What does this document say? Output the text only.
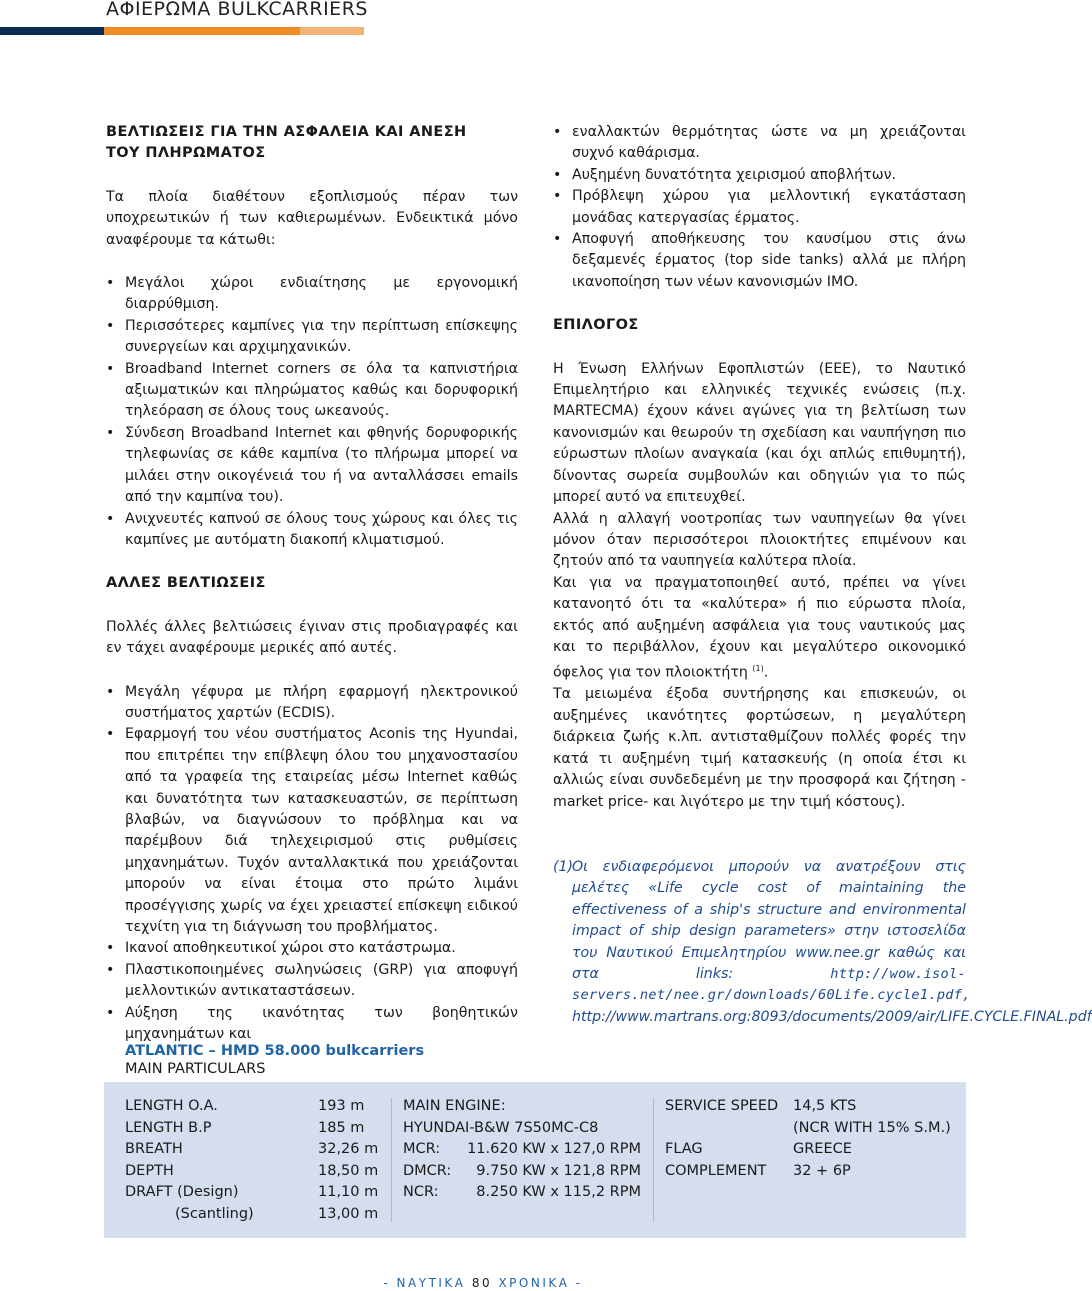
ΑΦΙΕΡΩΜΑ BULKCARRIERS

ΒΕΛΤΙΩΣΕΙΣ ΓΙΑ ΤΗΝ ΑΣΦΑΛΕΙΑ ΚΑΙ ΑΝΕΣΗ

ΤΟΥ ΠΛΗΡΩΜΑΤΟΣ

Τα πλοία διαθέτουν εξοπλισμούς πέραν των υποχρεωτικών ή των καθιερωμένων. Ενδεικτικά μόνο αναφέρουμε τα κάτωθι:

• Μεγάλοι χώροι ενδιαίτησης με εργονομική διαρρύθμιση.
• Περισσότερες καμπίνες για την περίπτωση επίσκεψης συνεργείων και αρχιμηχανικών.
• Broadband Internet corners σε όλα τα καπνιστήρια αξιωματικών και πληρώματος καθώς και δορυφορική τηλεόραση σε όλους τους ωκεανούς.
• Σύνδεση Broadband Internet και φθηνής δορυφορικής τηλεφωνίας σε κάθε καμπίνα (το πλήρωμα μπορεί να μιλάει στην οικογένειά του ή να ανταλλάσσει emails από την καμπίνα του).
• Ανιχνευτές καπνού σε όλους τους χώρους και όλες τις καμπίνες με αυτόματη διακοπή κλιματισμού.

ΑΛΛΕΣ ΒΕΛΤΙΩΣΕΙΣ

Πολλές άλλες βελτιώσεις έγιναν στις προδιαγραφές και εν τάχει αναφέρουμε μερικές από αυτές.

• Μεγάλη γέφυρα με πλήρη εφαρμογή ηλεκτρονικού συστήματος χαρτών (ECDIS).
• Εφαρμογή του νέου συστήματος Aconis της Hyundai, που επιτρέπει την επίβλεψη όλου του μηχανοστασίου από τα γραφεία της εταιρείας μέσω Internet καθώς και δυνατότητα των κατασκευαστών, σε περίπτωση βλαβών, να διαγνώσουν το πρόβλημα και να παρέμβουν διά τηλεχειρισμού στις ρυθμίσεις μηχανημάτων. Τυχόν ανταλλακτικά που χρειάζονται μπορούν να είναι έτοιμα στο πρώτο λιμάνι προσέγγισης χωρίς να έχει χρειαστεί επίσκεψη ειδικού τεχνίτη για τη διάγνωση του προβλήματος.
• Ικανοί αποθηκευτικοί χώροι στο κατάστρωμα.
• Πλαστικοποιημένες σωληνώσεις (GRP) για αποφυγή μελλοντικών αντικαταστάσεων.
• Αύξηση της ικανότητας των βοηθητικών μηχανημάτων και
• εναλλακτών θερμότητας ώστε να μη χρειάζονται συχνό καθάρισμα.
• Αυξημένη δυνατότητα χειρισμού αποβλήτων.
• Πρόβλεψη χώρου για μελλοντική εγκατάσταση μονάδας κατεργασίας έρματος.
• Αποφυγή αποθήκευσης του καυσίμου στις άνω δεξαμενές έρματος (top side tanks) αλλά με πλήρη ικανοποίηση των νέων κανονισμών IMO.

ΕΠΙΛΟΓΟΣ

Η Ένωση Ελλήνων Εφοπλιστών (ΕΕΕ), το Ναυτικό Επιμελητήριο και ελληνικές τεχνικές ενώσεις (π.χ. MARTECMA) έχουν κάνει αγώνες για τη βελτίωση των κανονισμών και θεωρούν τη σχεδίαση και ναυπήγηση πιο εύρωστων πλοίων αναγκαία (και όχι απλώς επιθυμητή), δίνοντας σωρεία συμβουλών και οδηγιών για το πώς μπορεί αυτό να επιτευχθεί.

Αλλά η αλλαγή νοοτροπίας των ναυπηγείων θα γίνει μόνον όταν περισσότεροι πλοιοκτήτες επιμένουν και ζητούν από τα ναυπηγεία καλύτερα πλοία.

Και για να πραγματοποιηθεί αυτό, πρέπει να γίνει κατανοητό ότι τα «καλύτερα» ή πιο εύρωστα πλοία, εκτός από αυξημένη ασφάλεια για τους ναυτικούς μας και το περιβάλλον, έχουν και μεγαλύτερο οικονομικό όφελος για τον πλοιοκτήτη $^{(1)}$.

Τα μειωμένα έξοδα συντήρησης και επισκευών, οι αυξημένες ικανότητες φορτώσεων, η μεγαλύτερη διάρκεια ζωής κ.λπ. αντισταθμίζουν πολλές φορές την κατά τι αυξημένη τιμή κατασκευής (η οποία έτσι κι αλλιώς είναι συνδεδεμένη με την προσφορά και ζήτηση -market price- και λιγότερο με την τιμή κόστους).

(1)
Οι ενδιαφερόμενοι μπορούν να ανατρέξουν στις μελέτες «Life cycle cost of maintaining the effectiveness of a ship's structure and environmental impact of ship design parameters» στην ιστοσελίδα του Ναυτικού Επιμελητηρίου www.nee.gr καθώς και στα links:	http://wow.isol-servers.net/nee.gr/downloads/60Life.cycle1.pdf, http://www.martrans.org:8093/documents/2009/air/LIFE.CYCLE.FINAL.pdf
ATLANTIC – HMD 58.000 bulkcarriers
MAIN PARTICULARS
LENGTH O.A.
LENGTH B.P
BREATH
DEPTH
DRAFT (Design)
(Scantling)
193 m
185 m
32,26 m
18,50 m
11,10 m
13,00 m
MAIN ENGINE:
HYUNDAI-B&W 7S50MC-C8
MCR:
DMCR:
NCR:
11.620 KW x 127,0 RPM
9.750 KW x 121,8 RPM
8.250 KW x 115,2 RPM
SERVICE SPEED

FLAG
COMPLEMENT
14,5 KTS
(NCR WITH 15% S.M.)
GREECE
32 + 6P
- ΝΑΥΤΙΚΑ 80 ΧΡΟΝΙΚΑ -
